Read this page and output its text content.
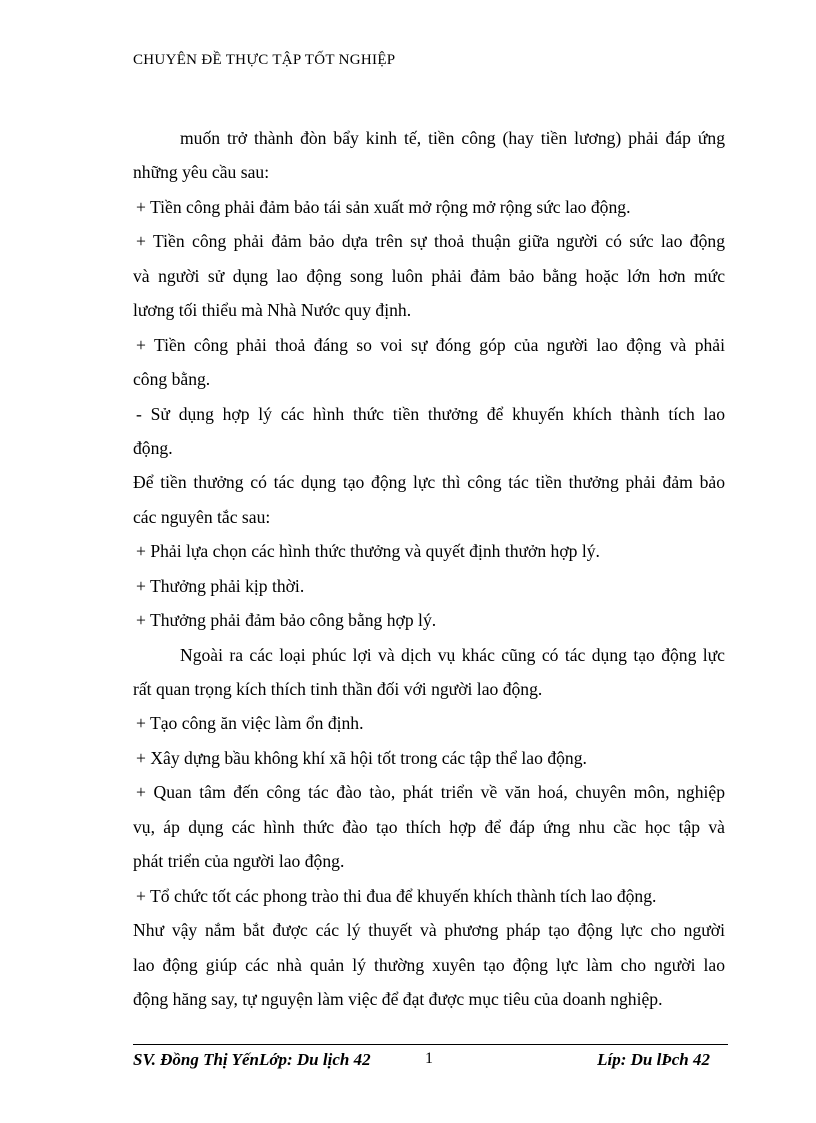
CHUYÊN ĐỀ THỰC TẬP TỐT NGHIỆP
muốn trở thành đòn bẩy kinh tế, tiền công (hay tiền lương) phải đáp ứng
những yêu cầu sau:
+ Tiền công phải đảm bảo tái sản xuất mở rộng mở rộng sức lao động.
+ Tiền công phải đảm bảo dựa trên sự thoả thuận giữa người có sức lao động
và người sử dụng lao động song luôn phải đảm bảo bằng hoặc lớn hơn mức
lương tối thiểu mà Nhà Nước quy định.
+ Tiền công phải thoả đáng so voi sự đóng góp của người lao động và phải
công bằng.
- Sử dụng hợp lý các hình thức tiền thưởng để khuyến khích thành tích lao
động.
Để tiền thưởng có tác dụng tạo động lực thì công tác tiền thưởng phải đảm bảo
các nguyên tắc sau:
+ Phải lựa chọn các hình thức thưởng và quyết định thưởn hợp lý.
+ Thưởng phải kịp thời.
+ Thưởng phải đảm bảo công bằng hợp lý.
Ngoài ra các loại phúc lợi và dịch vụ khác cũng có tác dụng tạo động lực
rất quan trọng kích thích tinh thần đối với người lao động.
+ Tạo công ăn việc làm ổn định.
+ Xây dựng bầu không khí xã hội tốt trong các tập thể lao động.
+ Quan tâm đến công tác đào tào, phát triển về văn hoá, chuyên môn, nghiệp
vụ, áp dụng các hình thức đào tạo thích hợp để đáp ứng nhu cầc học tập và
phát triển của người lao động.
+ Tổ chức tốt các phong trào thi đua để khuyến khích thành tích lao động.
Như vậy nắm bắt được các lý thuyết và phương pháp tạo động lực cho người
lao động giúp các nhà quản lý thường xuyên tạo động lực làm cho người lao
động hăng say, tự nguyện làm việc để đạt được mục tiêu của doanh nghiệp.
SV. Đồng Thị YếnLớp: Du lịch 42	1	Líp: Du lÞch 42
